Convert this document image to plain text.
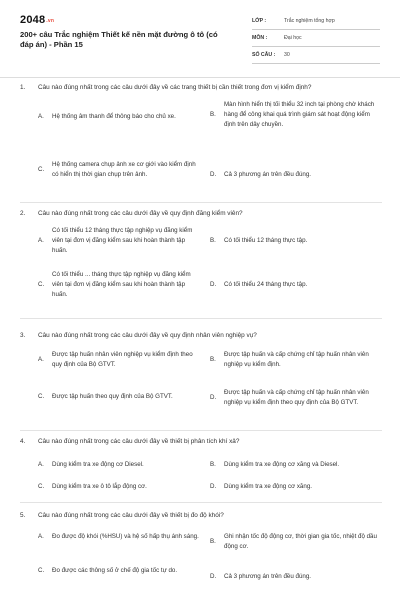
2048.vn
200+ câu Trắc nghiệm Thiết kế nền mặt đường ô tô (có đáp án) - Phần 15
LỚP :	Trắc nghiệm tổng hợp
MÔN :	Đại học
SỐ CÂU :	30
1.	Câu nào đúng nhất trong các câu dưới đây về các trang thiết bị cần thiết trong đơn vị kiểm định?
A.	Hệ thống âm thanh để thông báo cho chủ xe.	B.
Màn hình hiển thị tối thiểu 32 inch tại phòng chờ khách hàng để công khai quá trình giám sát hoạt động kiểm định trên dây chuyền.
C.
Hệ thống camera chụp ảnh xe cơ giới vào kiểm định có hiển thị thời gian chụp trên ảnh.	D.	Cả 3 phương án trên đều đúng.
2.	Câu nào đúng nhất trong các câu dưới đây về quy định đăng kiểm viên?
A.
Có tối thiểu 12 tháng thực tập nghiệp vụ đăng kiểm viên tại đơn vị đăng kiểm sau khi hoàn thành tập huấn.
B.	Có tối thiểu 12 tháng thực tập.
C.
Có tối thiểu ... tháng thực tập nghiệp vụ đăng kiểm viên tại đơn vị đăng kiểm sau khi hoàn thành tập huấn.
D.	Có tối thiểu 24 tháng thực tập.
3.	Câu nào đúng nhất trong các câu dưới đây về quy định nhân viên nghiệp vụ?
A.
Được tập huấn nhân viên nghiệp vụ kiểm định theo quy định của Bộ GTVT.
B.
Được tập huấn và cấp chứng chỉ tập huấn nhân viên nghiệp vụ kiểm định.
C.	Được tập huấn theo quy định của Bộ GTVT.	D.
Được tập huấn và cấp chứng chỉ tập huấn nhân viên nghiệp vụ kiểm định theo quy định của Bộ GTVT.
4.	Câu nào đúng nhất trong các câu dưới đây về thiết bị phân tích khí xả?
A.	Dùng kiểm tra xe động cơ Diesel.	B.	Dùng kiểm tra xe động cơ xăng và Diesel.
C.	Dùng kiểm tra xe ô tô lắp động cơ.	D.	Dùng kiểm tra xe động cơ xăng.
5.	Câu nào đúng nhất trong các câu dưới đây về thiết bị đo độ khói?
A.	Đo được độ khói (%HSU) và hệ số hấp thụ ánh sáng.
B.
Ghi nhận tốc độ động cơ, thời gian gia tốc, nhiệt độ dầu động cơ.
C.	Đo được các thông số ở chế độ gia tốc tự do.
D.	Cả 3 phương án trên đều đúng.
